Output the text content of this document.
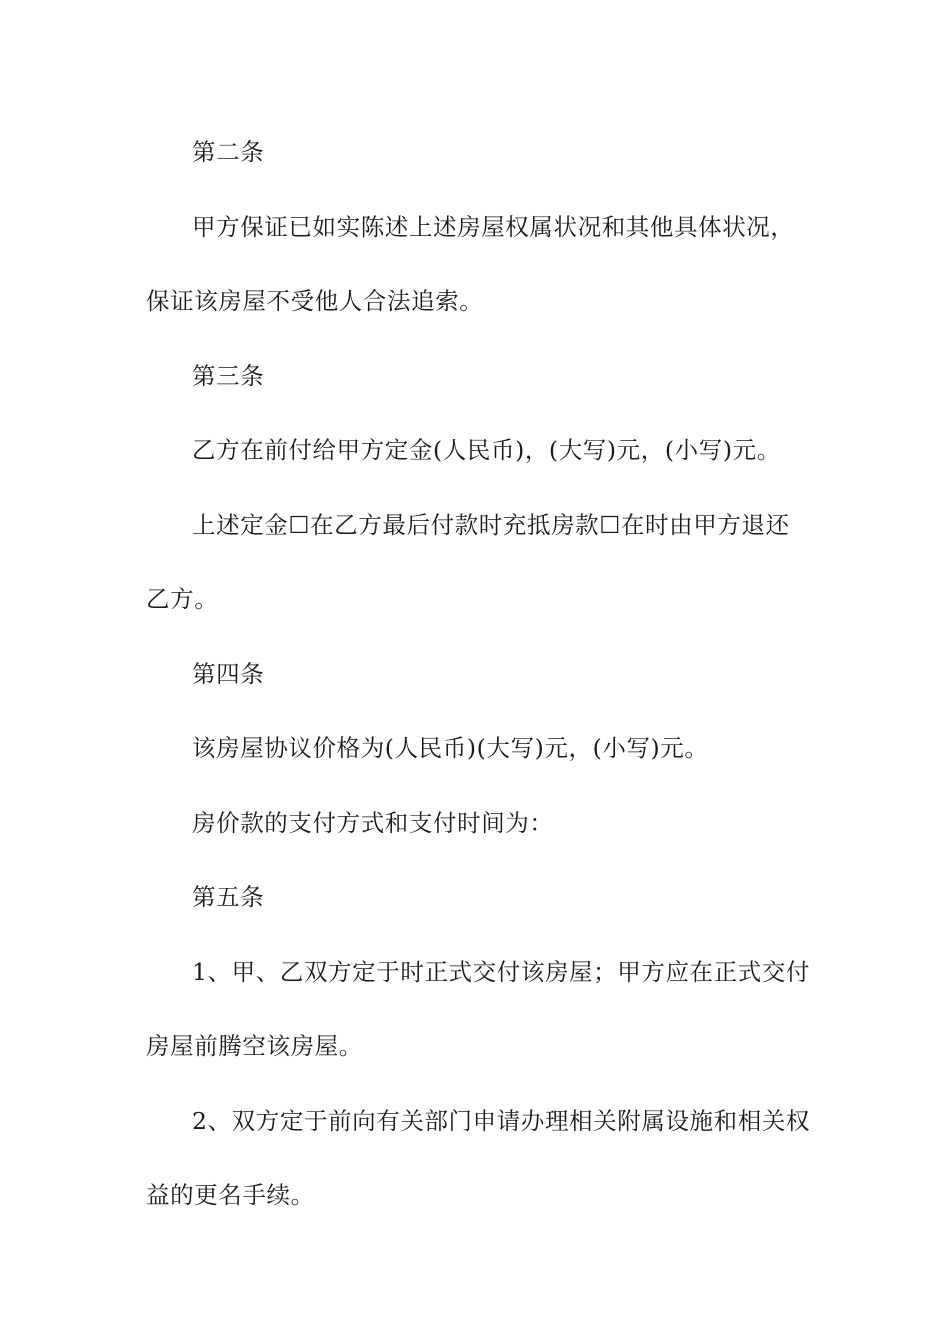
第二条
甲方保证已如实陈述上述房屋权属状况和其他具体状况，
保证该房屋不受他人合法追索。
第三条
乙方在前付给甲方定金(人民币)，(大写)元，(小写)元。
上述定金☐在乙方最后付款时充抵房款☐在时由甲方退还
乙方。
第四条
该房屋协议价格为(人民币)(大写)元，(小写)元。
房价款的支付方式和支付时间为：
第五条
1、甲、乙双方定于时正式交付该房屋；甲方应在正式交付
房屋前腾空该房屋。
2、双方定于前向有关部门申请办理相关附属设施和相关权
益的更名手续。
